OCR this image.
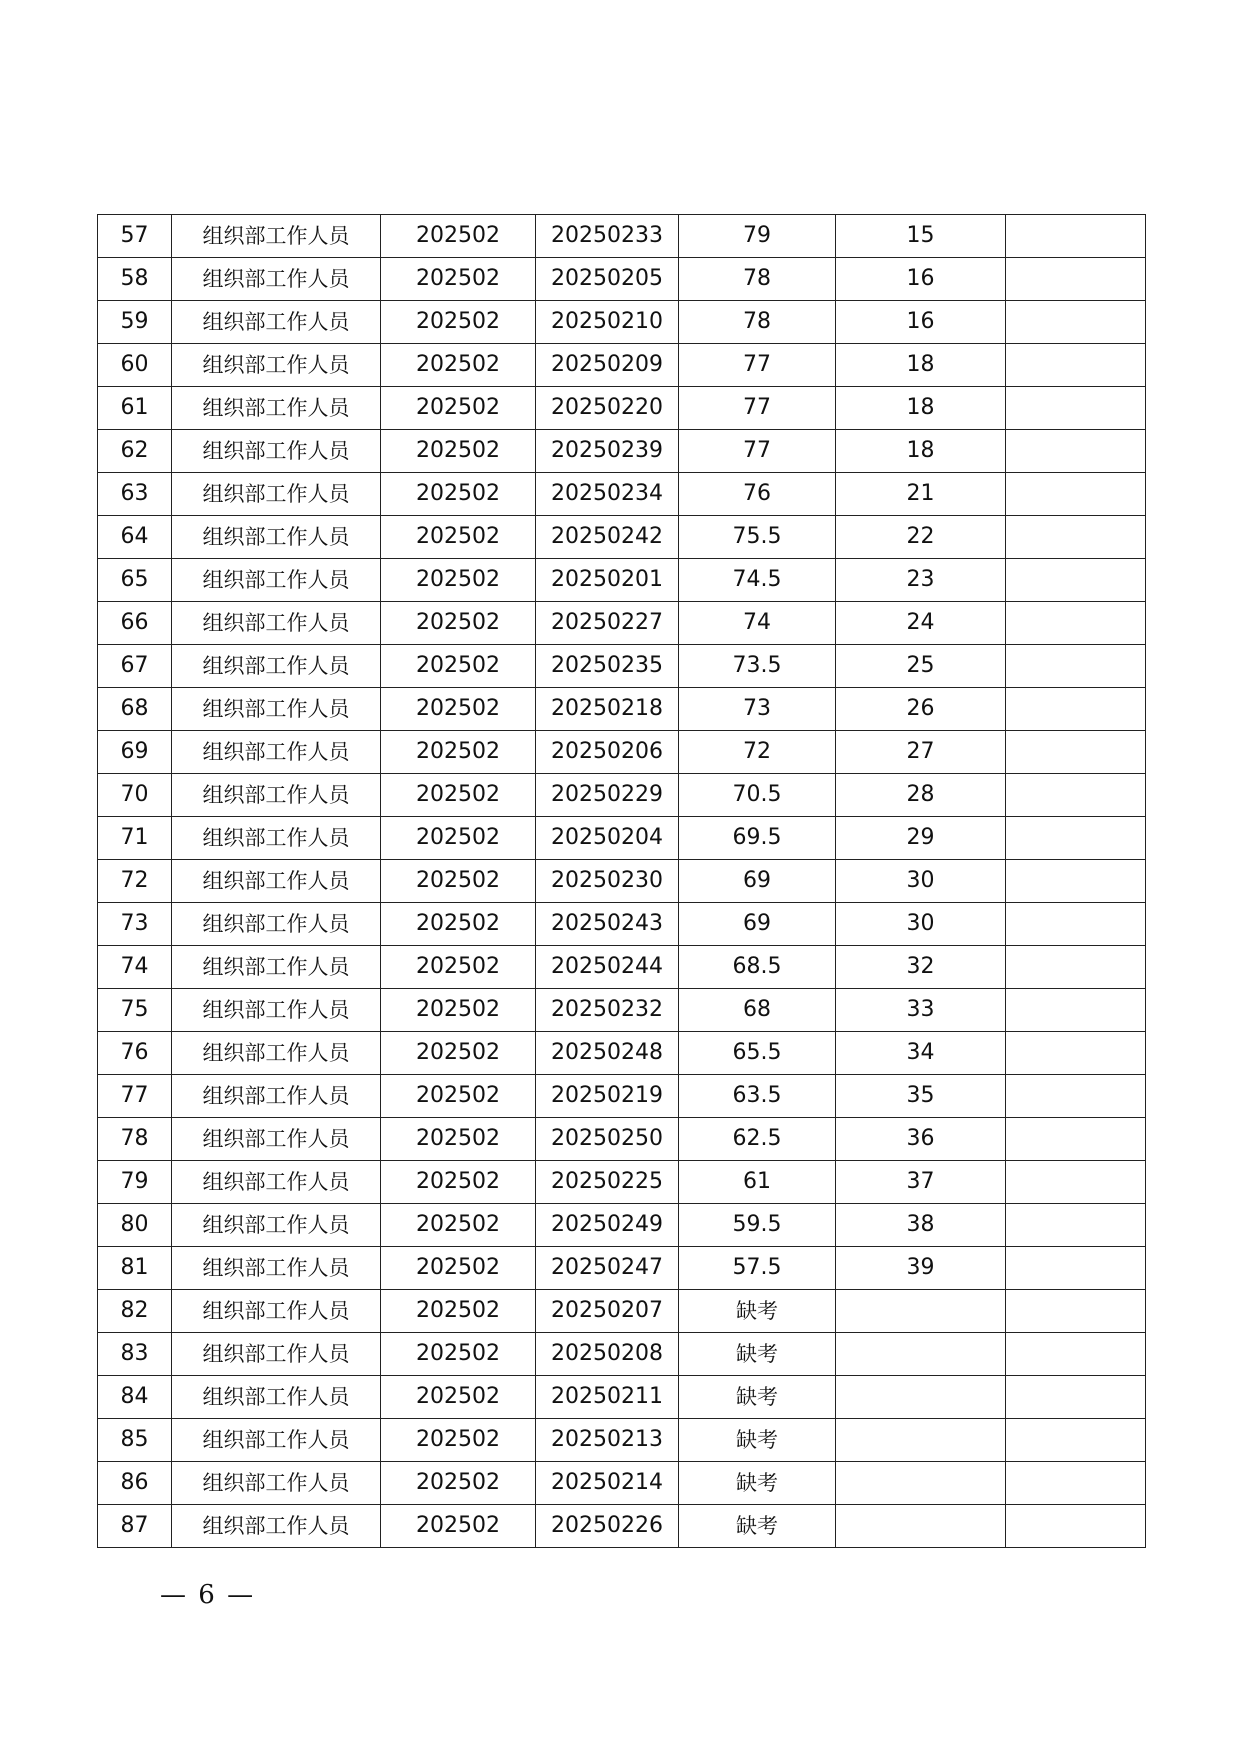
57	组织部工作人员	202502	20250233	79	15	
58	组织部工作人员	202502	20250205	78	16	
59	组织部工作人员	202502	20250210	78	16	
60	组织部工作人员	202502	20250209	77	18	
61	组织部工作人员	202502	20250220	77	18	
62	组织部工作人员	202502	20250239	77	18	
63	组织部工作人员	202502	20250234	76	21	
64	组织部工作人员	202502	20250242	75.5	22	
65	组织部工作人员	202502	20250201	74.5	23	
66	组织部工作人员	202502	20250227	74	24	
67	组织部工作人员	202502	20250235	73.5	25	
68	组织部工作人员	202502	20250218	73	26	
69	组织部工作人员	202502	20250206	72	27	
70	组织部工作人员	202502	20250229	70.5	28	
71	组织部工作人员	202502	20250204	69.5	29	
72	组织部工作人员	202502	20250230	69	30	
73	组织部工作人员	202502	20250243	69	30	
74	组织部工作人员	202502	20250244	68.5	32	
75	组织部工作人员	202502	20250232	68	33	
76	组织部工作人员	202502	20250248	65.5	34	
77	组织部工作人员	202502	20250219	63.5	35	
78	组织部工作人员	202502	20250250	62.5	36	
79	组织部工作人员	202502	20250225	61	37	
80	组织部工作人员	202502	20250249	59.5	38	
81	组织部工作人员	202502	20250247	57.5	39	
82	组织部工作人员	202502	20250207	缺考		
83	组织部工作人员	202502	20250208	缺考		
84	组织部工作人员	202502	20250211	缺考		
85	组织部工作人员	202502	20250213	缺考		
86	组织部工作人员	202502	20250214	缺考		
87	组织部工作人员	202502	20250226	缺考		
— 6 —
